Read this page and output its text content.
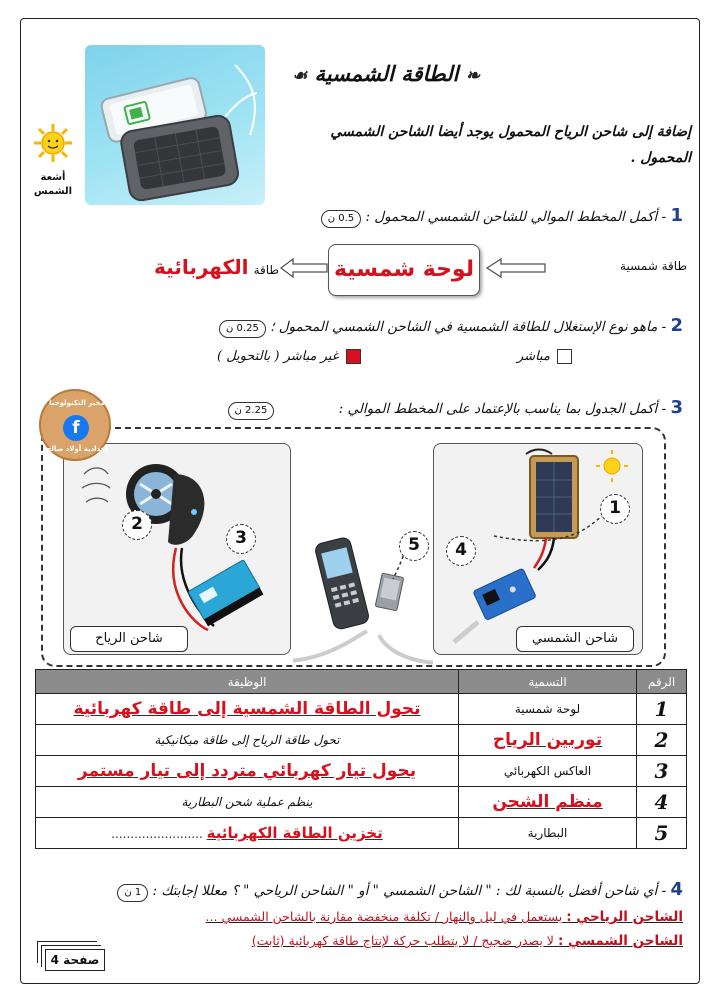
❧ الطاقة الشمسية ☙
إضافة إلى شاحن الرياح المحمول يوجد أيضا الشاحن الشمسي المحمول .
أشعة الشمس
1 - أكمل المخطط الموالي للشاحن الشمسي المحمول : 0.5 ن
طاقة شمسية
لوحة شمسية
طاقة الكهربائية
2 - ماهو نوع الإستغلال للطاقة الشمسية في الشاحن الشمسي المحمول ؛ 0.25 ن
مباشر
غير مباشر ( بالتحويل )
3 - أكمل الجدول بما يناسب بالإعتماد على المخطط الموالي : 2.25 ن
1
4
شاحن الشمسي
2
3
شاحن الرياح
5
مخبر التكنولوجيا
f
إعدادية أولاد صالح
الرقم	التسمية	الوظيفة
1	لوحة شمسية	تحول الطاقة الشمسية إلى طاقة كهربائية
2	توربين الرياح	تحول طاقة الرياح إلى طاقة ميكانيكية
3	العاكس الكهربائي	يحول تيار كهربائي متردد إلى تيار مستمر
4	منظم الشحن	ينظم عملية شحن البطارية
5	البطارية	تخزين الطاقة الكهربائية ........................
4 - أي شاحن أفضل بالنسبة لك : " الشاحن الشمسي " أو " الشاحن الرياحي " ؟ معللا إجابتك : 1 ن
الشاحن الرياحي : يستعمل في ليل والنهار / تكلفة منخفضة مقارنة بالشاحن الشمسي ...
الشاحن الشمسي : لا يصدر ضجيج / لا يتطلب حركة لإنتاج طاقة كهربائية (ثابت)
صفحة 4
